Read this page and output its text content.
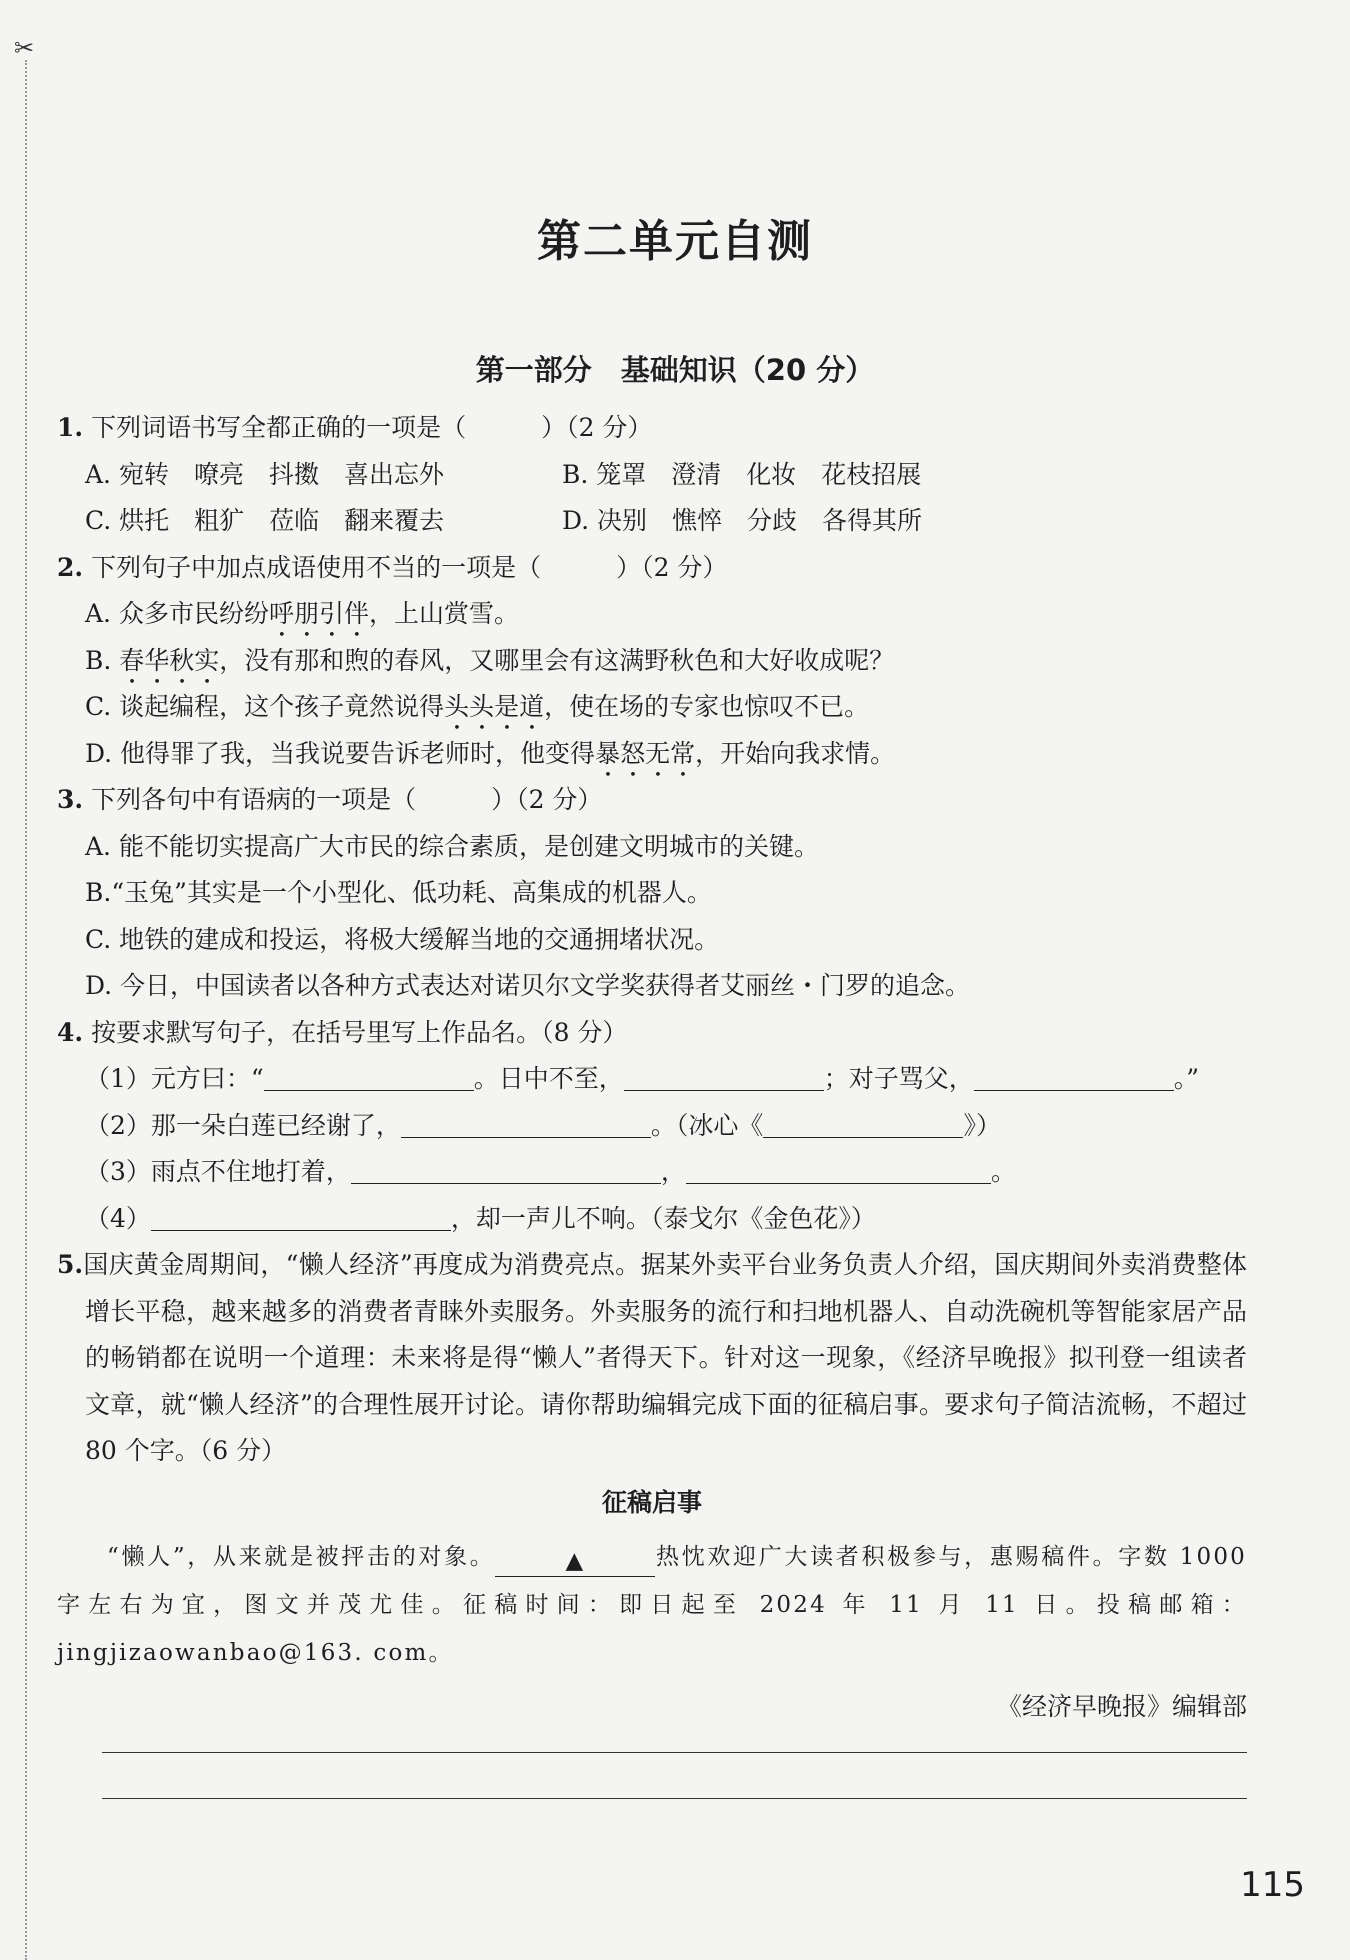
✂
第二单元自测
第一部分　基础知识（20 分）
1. 下列词语书写全都正确的一项是（　　　）（2 分）
A. 宛转　嘹亮　抖擞　喜出忘外	B. 笼罩　澄清　化妆　花枝招展
C. 烘托　粗犷　莅临　翻来覆去	D. 决别　憔悴　分歧　各得其所
2. 下列句子中加点成语使用不当的一项是（　　　）（2 分）
A. 众多市民纷纷呼朋引伴，上山赏雪。
B. 春华秋实，没有那和煦的春风，又哪里会有这满野秋色和大好收成呢？
C. 谈起编程，这个孩子竟然说得头头是道，使在场的专家也惊叹不已。
D. 他得罪了我，当我说要告诉老师时，他变得暴怒无常，开始向我求情。
3. 下列各句中有语病的一项是（　　　）（2 分）
A. 能不能切实提高广大市民的综合素质，是创建文明城市的关键。
B.“玉兔”其实是一个小型化、低功耗、高集成的机器人。
C. 地铁的建成和投运，将极大缓解当地的交通拥堵状况。
D. 今日，中国读者以各种方式表达对诺贝尔文学奖获得者艾丽丝・门罗的追念。
4. 按要求默写句子，在括号里写上作品名。（8 分）
（1）元方曰：“	。日中不至，	；对子骂父，	。”
（2）那一朵白莲已经谢了，	。（冰心《	》）
（3）雨点不住地打着，	，	。
（4）	，却一声儿不响。（泰戈尔《金色花》）
5.国庆黄金周期间，“懒人经济”再度成为消费亮点。据某外卖平台业务负责人介绍，国庆期间外卖消费整体增长平稳，越来越多的消费者青睐外卖服务。外卖服务的流行和扫地机器人、自动洗碗机等智能家居产品的畅销都在说明一个道理：未来将是得“懒人”者得天下。针对这一现象，《经济早晚报》拟刊登一组读者文章，就“懒人经济”的合理性展开讨论。请你帮助编辑完成下面的征稿启事。要求句子简洁流畅，不超过 80 个字。（6 分）
征稿启事
“懒人”，从来就是被抨击的对象。	▲	热忱欢迎广大读者积极参与，惠赐稿件。字数 1000 字左右为宜，图文并茂尤佳。征稿时间：即日起至 2024 年 11 月 11 日。投稿邮箱：jingjizaowanbao@163. com。
《经济早晚报》编辑部
115
